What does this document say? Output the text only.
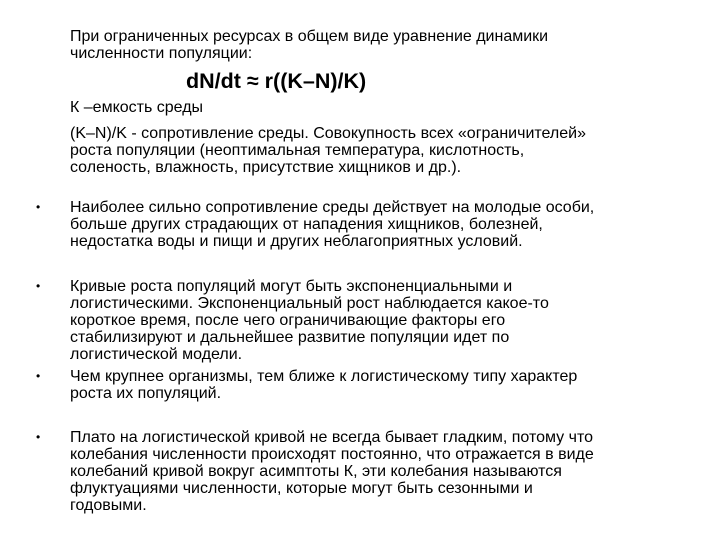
При ограниченных ресурсах в общем виде уравнение динамики
численности популяции:
dN/dt ≈ r((K–N)/K)
К –емкость среды
(K–N)/K - сопротивление среды. Совокупность всех «ограничителей»
роста популяции (неоптимальная температура, кислотность,
соленость, влажность, присутствие хищников и др.).
• Наиболее сильно сопротивление среды действует на молодые особи,
больше других страдающих от нападения хищников, болезней,
недостатка воды и пищи и других неблагоприятных условий.
• Кривые роста популяций могут быть экспоненциальными и
логистическими. Экспоненциальный рост наблюдается какое-то
короткое время, после чего ограничивающие факторы его
стабилизируют и дальнейшее развитие популяции идет по
логистической модели.
• Чем крупнее организмы, тем ближе к логистическому типу характер
роста их популяций.
• Плато на логистической кривой не всегда бывает гладким, потому что
колебания численности происходят постоянно, что отражается в виде
колебаний кривой вокруг асимптоты К, эти колебания называются
флуктуациями численности, которые могут быть сезонными и
годовыми.
